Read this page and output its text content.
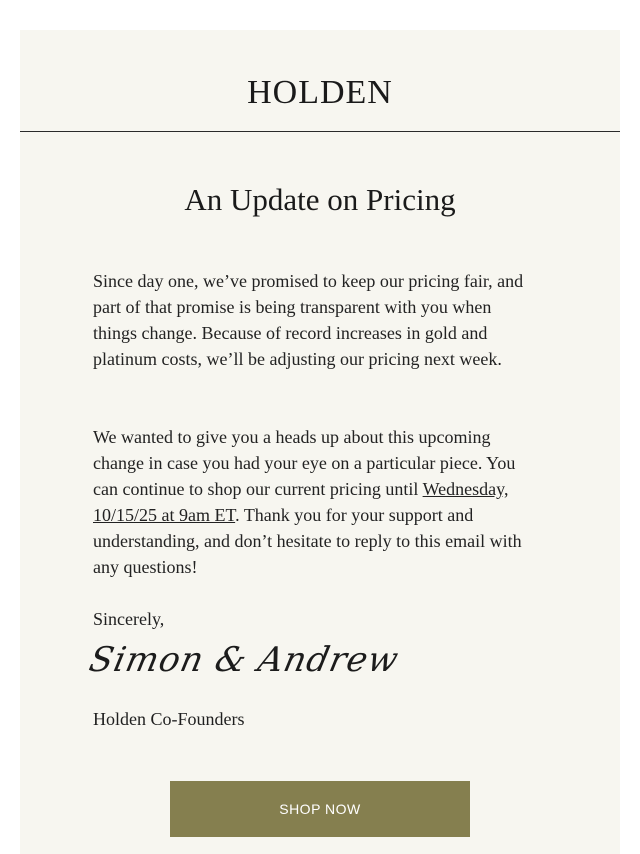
HOLDEN
An Update on Pricing

Since day one, we’ve promised to keep our pricing fair, and part of that promise is being transparent with you when things change. Because of record increases in gold and platinum costs, we’ll be adjusting our pricing next week.

We wanted to give you a heads up about this upcoming change in case you had your eye on a particular piece. You can continue to shop our current pricing until Wednesday, 10/15/25 at 9am ET. Thank you for your support and understanding, and don’t hesitate to reply to this email with any questions!

Sincerely,
Simon & Andrew
Holden Co-Founders
SHOP NOW
